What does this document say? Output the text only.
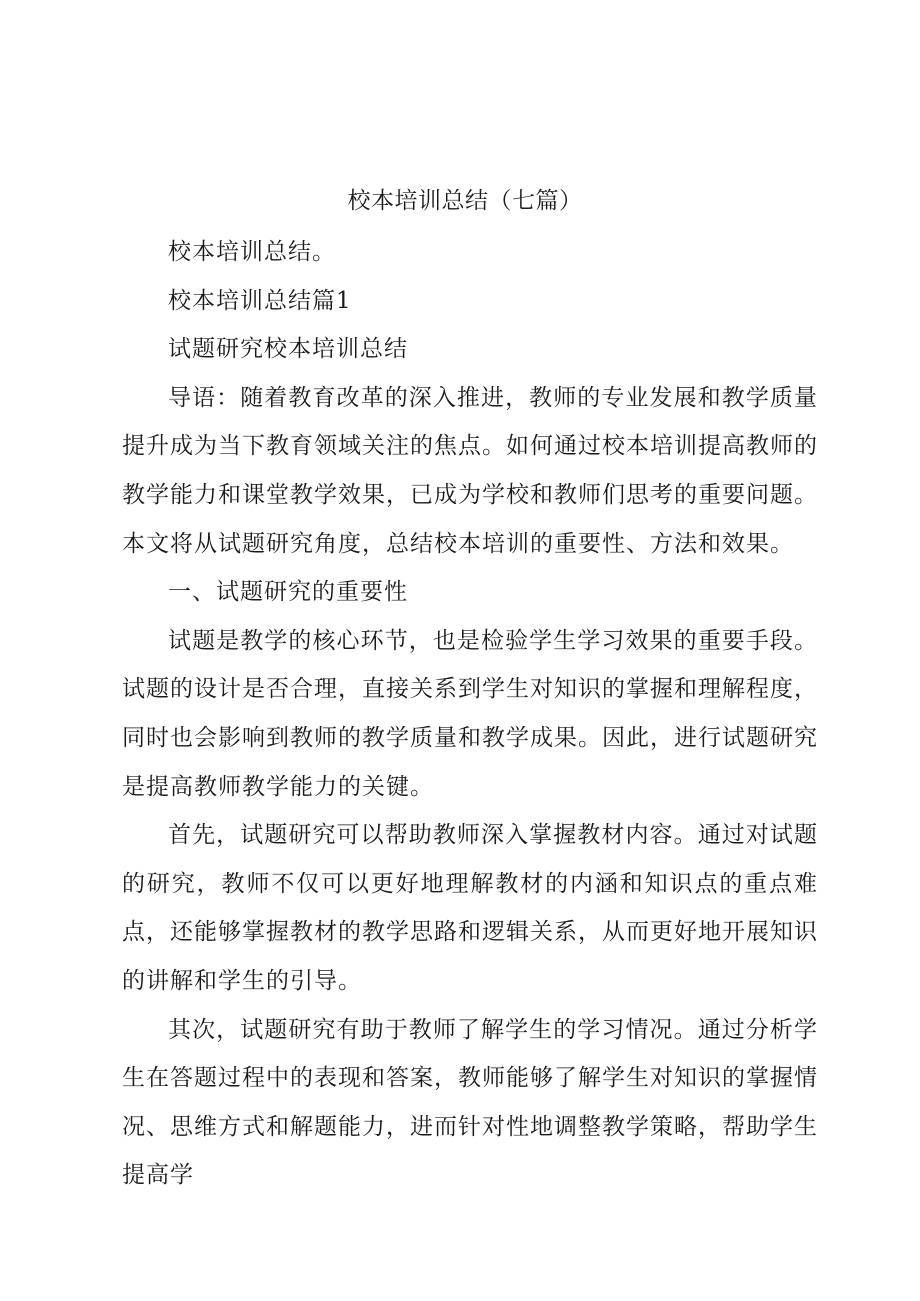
校本培训总结（七篇）

校本培训总结。

校本培训总结篇1

试题研究校本培训总结

导语：随着教育改革的深入推进，教师的专业发展和教学质量提升成为当下教育领域关注的焦点。如何通过校本培训提高教师的教学能力和课堂教学效果，已成为学校和教师们思考的重要问题。本文将从试题研究角度，总结校本培训的重要性、方法和效果。

一、试题研究的重要性

试题是教学的核心环节，也是检验学生学习效果的重要手段。试题的设计是否合理，直接关系到学生对知识的掌握和理解程度，同时也会影响到教师的教学质量和教学成果。因此，进行试题研究是提高教师教学能力的关键。

首先，试题研究可以帮助教师深入掌握教材内容。通过对试题的研究，教师不仅可以更好地理解教材的内涵和知识点的重点难点，还能够掌握教材的教学思路和逻辑关系，从而更好地开展知识的讲解和学生的引导。

其次，试题研究有助于教师了解学生的学习情况。通过分析学生在答题过程中的表现和答案，教师能够了解学生对知识的掌握情况、思维方式和解题能力，进而针对性地调整教学策略，帮助学生提高学
